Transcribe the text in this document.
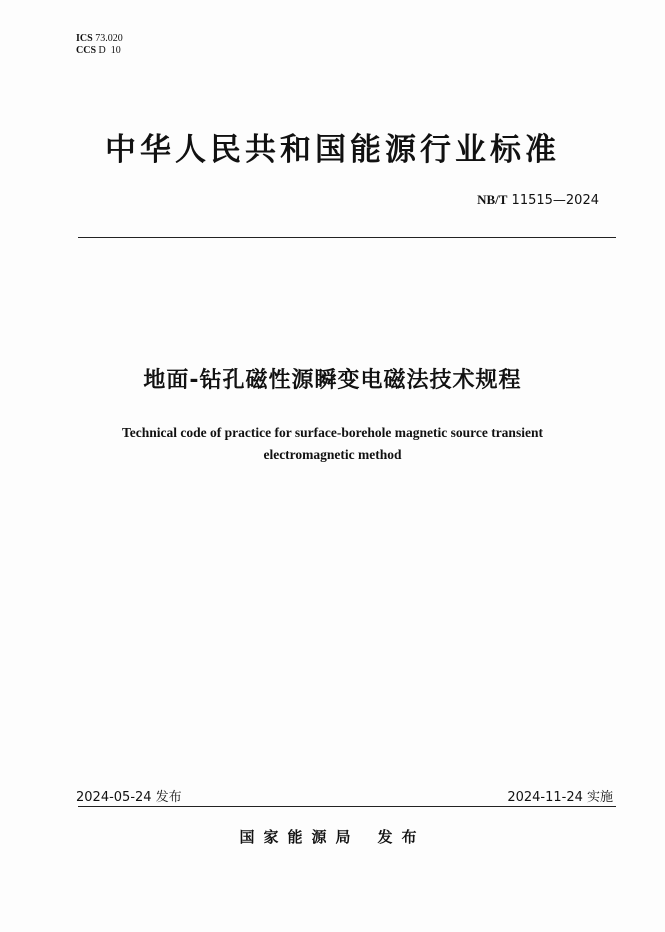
ICS 73.020
CCS D  10
中华人民共和国能源行业标准
NB/T 11515—2024
地面-钻孔磁性源瞬变电磁法技术规程
Technical code of practice for surface-borehole magnetic source transient
electromagnetic method
2024-05-24 发布	2024-11-24 实施
国家能源局 发布
